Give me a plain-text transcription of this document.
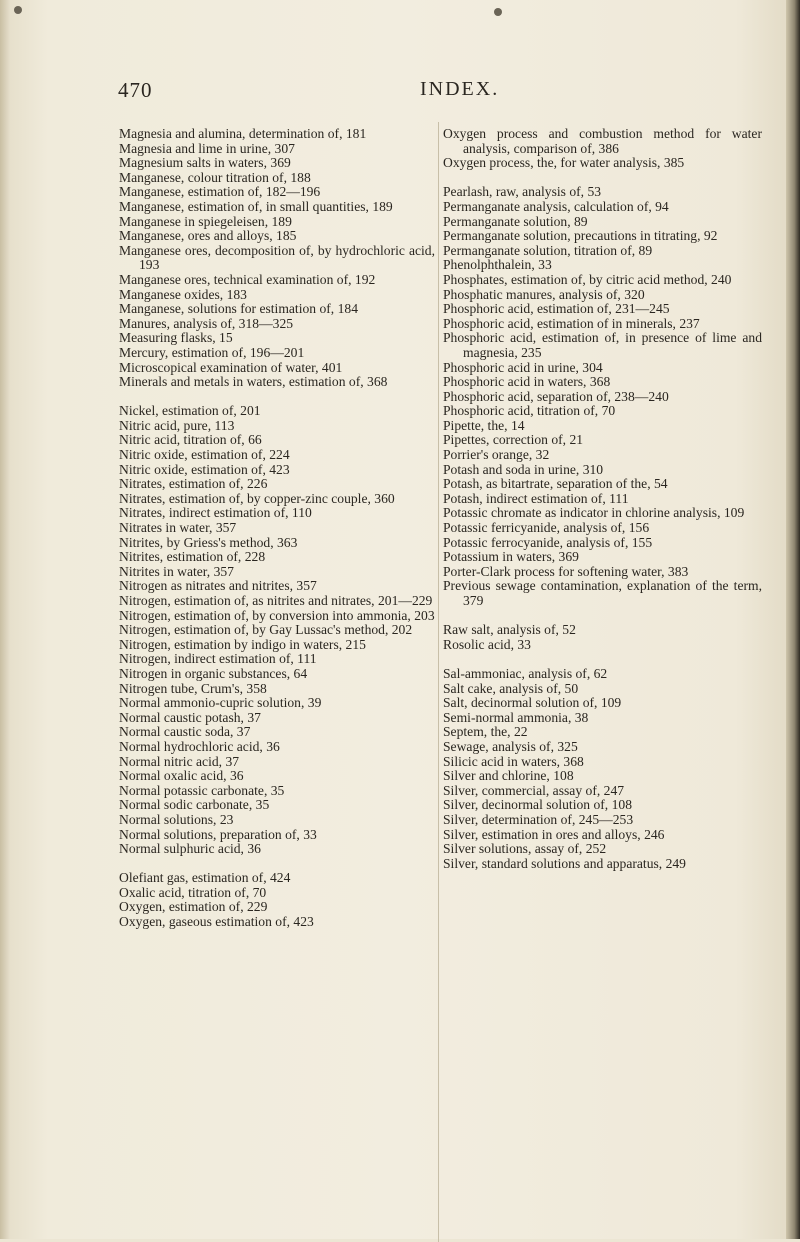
470	INDEX.
Magnesia and alumina, determination of, 181
Magnesia and lime in urine, 307
Magnesium salts in waters, 369
Manganese, colour titration of, 188
Manganese, estimation of, 182—196
Manganese, estimation of, in small quantities, 189
Manganese in spiegeleisen, 189
Manganese, ores and alloys, 185
Manganese ores, decomposition of, by hydrochloric acid, 193
Manganese ores, technical examination of, 192
Manganese oxides, 183
Manganese, solutions for estimation of, 184
Manures, analysis of, 318—325
Measuring flasks, 15
Mercury, estimation of, 196—201
Microscopical examination of water, 401
Minerals and metals in waters, estimation of, 368
Nickel, estimation of, 201
Nitric acid, pure, 113
Nitric acid, titration of, 66
Nitric oxide, estimation of, 224
Nitric oxide, estimation of, 423
Nitrates, estimation of, 226
Nitrates, estimation of, by copper-zinc couple, 360
Nitrates, indirect estimation of, 110
Nitrates in water, 357
Nitrites, by Griess's method, 363
Nitrites, estimation of, 228
Nitrites in water, 357
Nitrogen as nitrates and nitrites, 357
Nitrogen, estimation of, as nitrites and nitrates, 201—229
Nitrogen, estimation of, by conversion into ammonia, 203
Nitrogen, estimation of, by Gay Lussac's method, 202
Nitrogen, estimation by indigo in waters, 215
Nitrogen, indirect estimation of, 111
Nitrogen in organic substances, 64
Nitrogen tube, Crum's, 358
Normal ammonio-cupric solution, 39
Normal caustic potash, 37
Normal caustic soda, 37
Normal hydrochloric acid, 36
Normal nitric acid, 37
Normal oxalic acid, 36
Normal potassic carbonate, 35
Normal sodic carbonate, 35
Normal solutions, 23
Normal solutions, preparation of, 33
Normal sulphuric acid, 36
Olefiant gas, estimation of, 424
Oxalic acid, titration of, 70
Oxygen, estimation of, 229
Oxygen, gaseous estimation of, 423
Oxygen process and combustion method for water analysis, comparison of, 386
Oxygen process, the, for water analysis, 385
Pearlash, raw, analysis of, 53
Permanganate analysis, calculation of, 94
Permanganate solution, 89
Permanganate solution, precautions in titrating, 92
Permanganate solution, titration of, 89
Phenolphthalein, 33
Phosphates, estimation of, by citric acid method, 240
Phosphatic manures, analysis of, 320
Phosphoric acid, estimation of, 231—245
Phosphoric acid, estimation of in minerals, 237
Phosphoric acid, estimation of, in presence of lime and magnesia, 235
Phosphoric acid in urine, 304
Phosphoric acid in waters, 368
Phosphoric acid, separation of, 238—240
Phosphoric acid, titration of, 70
Pipette, the, 14
Pipettes, correction of, 21
Porrier's orange, 32
Potash and soda in urine, 310
Potash, as bitartrate, separation of the, 54
Potash, indirect estimation of, 111
Potassic chromate as indicator in chlorine analysis, 109
Potassic ferricyanide, analysis of, 156
Potassic ferrocyanide, analysis of, 155
Potassium in waters, 369
Porter-Clark process for softening water, 383
Previous sewage contamination, explanation of the term, 379
Raw salt, analysis of, 52
Rosolic acid, 33
Sal-ammoniac, analysis of, 62
Salt cake, analysis of, 50
Salt, decinormal solution of, 109
Semi-normal ammonia, 38
Septem, the, 22
Sewage, analysis of, 325
Silicic acid in waters, 368
Silver and chlorine, 108
Silver, commercial, assay of, 247
Silver, decinormal solution of, 108
Silver, determination of, 245—253
Silver, estimation in ores and alloys, 246
Silver solutions, assay of, 252
Silver, standard solutions and apparatus, 249
